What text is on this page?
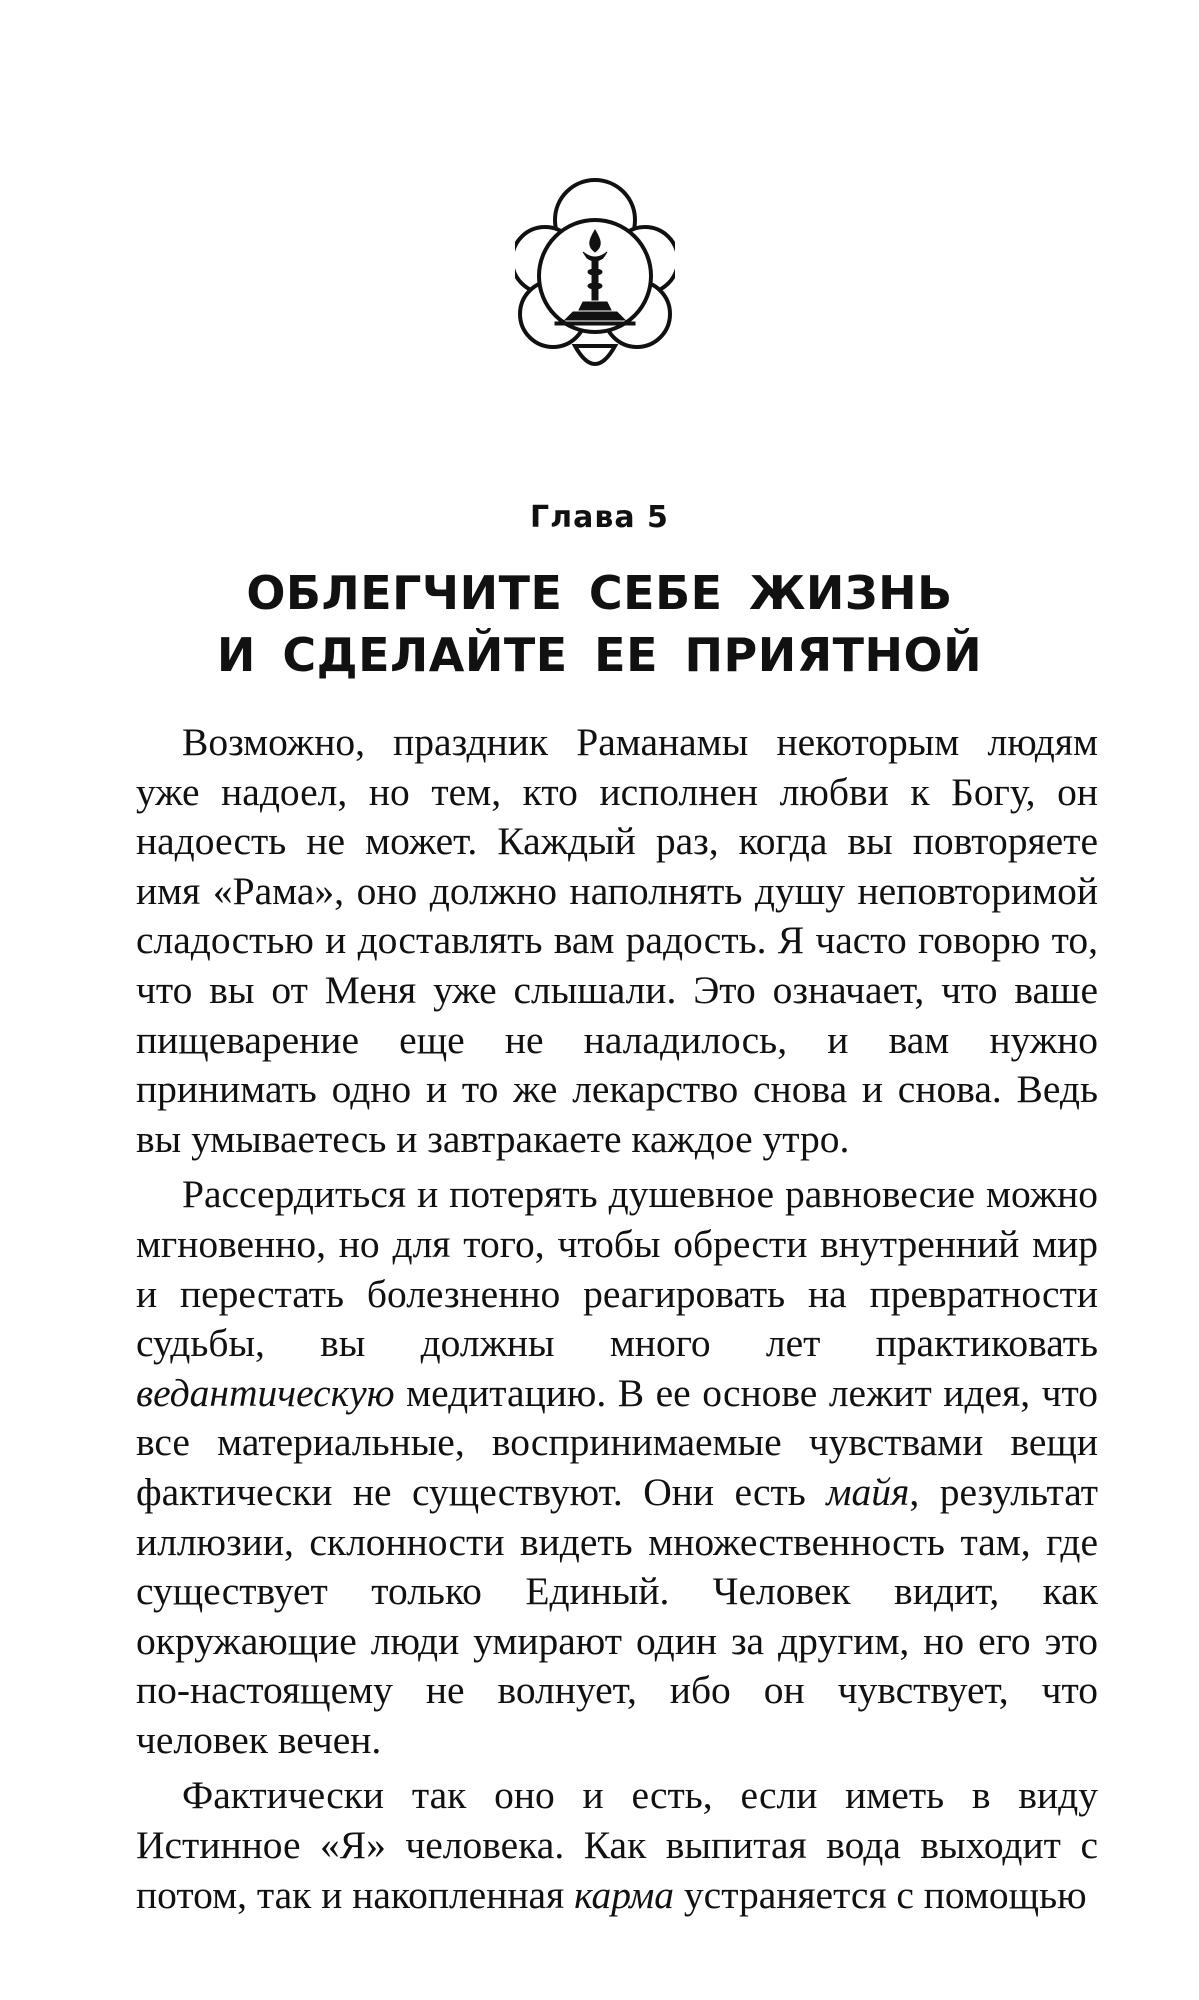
Глава 5
ОБЛЕГЧИТЕ СЕБЕ ЖИЗНЬ
И СДЕЛАЙТЕ ЕЕ ПРИЯТНОЙ

Возможно, праздник Раманамы некоторым людям уже надоел, но тем, кто исполнен любви к Богу, он надоесть не может. Каждый раз, когда вы повторяете имя «Рама», оно должно наполнять душу неповторимой сладостью и доставлять вам радость. Я часто говорю то, что вы от Меня уже слышали. Это означает, что ваше пищеварение еще не наладилось, и вам нужно принимать одно и то же лекарство снова и снова. Ведь вы умываетесь и завтракаете каждое утро.

Рассердиться и потерять душевное равновесие можно мгновенно, но для того, чтобы обрести внутренний мир и перестать болезненно реагировать на превратности судьбы, вы должны много лет практиковать ведантическую медитацию. В ее основе лежит идея, что все материальные, воспринимаемые чувствами вещи фактически не существуют. Они есть майя, результат иллюзии, склонности видеть множественность там, где существует только Единый. Человек видит, как окружающие люди умирают один за другим, но его это по-настоящему не волнует, ибо он чувствует, что человек вечен.

Фактически так оно и есть, если иметь в виду Истинное «Я» человека. Как выпитая вода выходит с потом, так и накопленная карма устраняется с помощью
